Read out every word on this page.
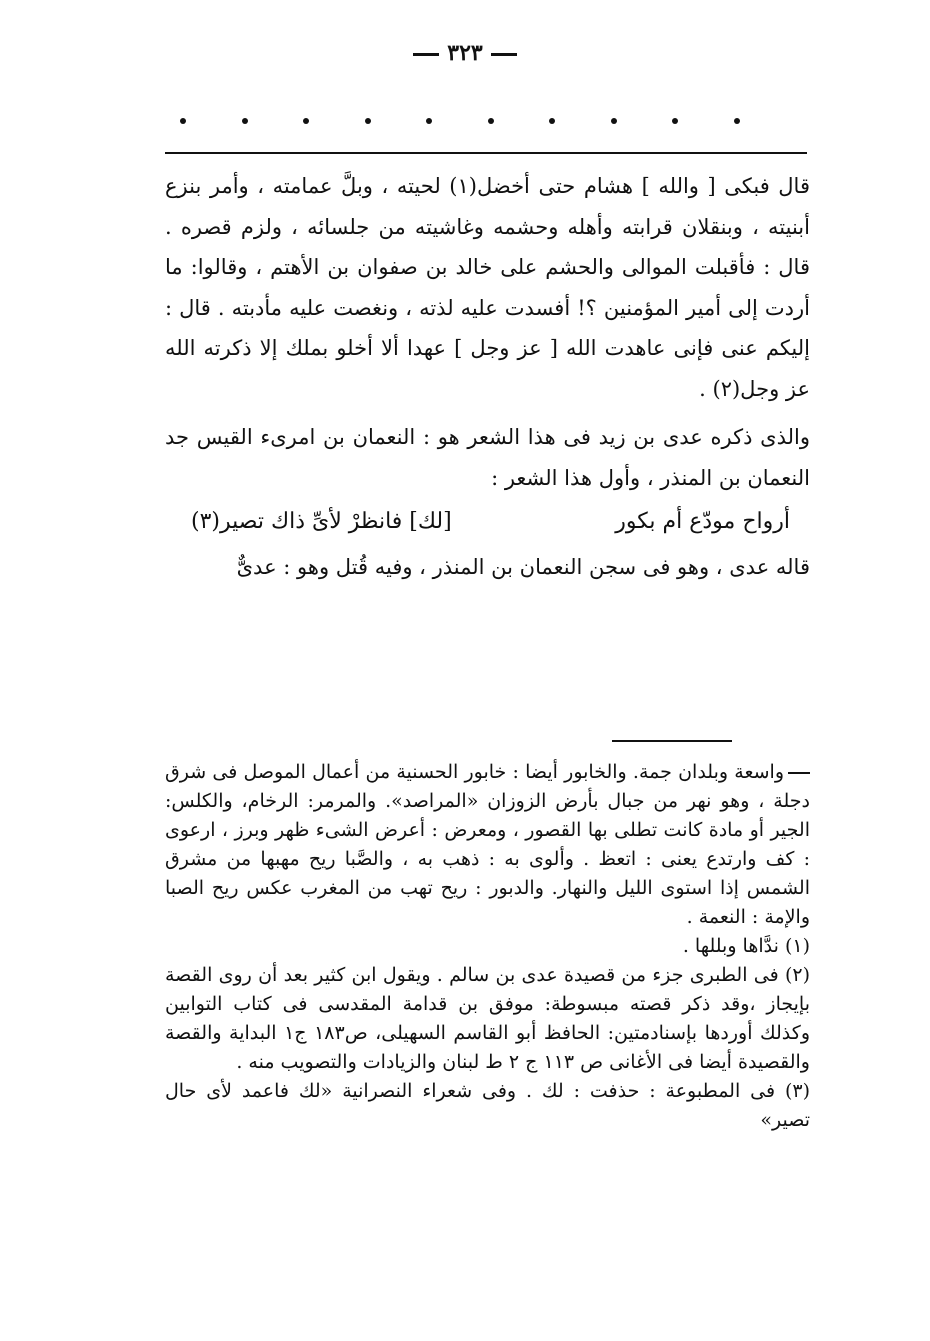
٣٢٣

قال فبكى [ والله ] هشام حتى أخضل(١) لحيته ، وبلَّ عمامته ، وأمر بنزع أبنيته ، وبنقلان قرابته وأهله وحشمه وغاشيته من جلسائه ، ولزم قصره . قال : فأقبلت الموالى والحشم على خالد بن صفوان بن الأهتم ، وقالوا: ما أردت إلى أمير المؤمنين ؟! أفسدت عليه لذته ، ونغصت عليه مأدبته . قال : إليكم عنى فإنى عاهدت الله [ عز وجل ] عهدا ألا أخلو بملك إلا ذكرته الله عز وجل(٢) .

والذى ذكره عدى بن زيد فى هذا الشعر هو : النعمان بن امرىء القيس جد النعمان بن المنذر ، وأول هذا الشعر :

أرواح مودّع أم بكور
[لك] فانظرْ لأىِّ ذاك تصير(٣)

قاله عدى ، وهو فى سجن النعمان بن المنذر ، وفيه قُتل وهو : عدىٌّ

واسعة وبلدان جمة. والخابور أيضا : خابور الحسنية من أعمال الموصل فى شرق دجلة ، وهو نهر من جبال بأرض الزوزان «المراصد». والمرمر: الرخام، والكلس: الجير أو مادة كانت تطلى بها القصور ، ومعرض : أعرض الشىء ظهر وبرز ، ارعوى : كف وارتدع يعنى : اتعظ . وألوى به : ذهب به ، والصَّبا ريح مهبها من مشرق الشمس إذا استوى الليل والنهار. والدبور : ريح تهب من المغرب عكس ريح الصبا والإمة : النعمة .

(١) ندَّاها وبللها .

(٢) فى الطبرى جزء من قصيدة عدى بن سالم . ويقول ابن كثير بعد أن روى القصة بإيجاز ،وقد ذكر قصته مبسوطة: موفق بن قدامة المقدسى فى كتاب التوابين وكذلك أوردها بإسنادمتين: الحافظ أبو القاسم السهيلى، ص١٨٣ ج١ البداية والقصة والقصيدة أيضا فى الأغانى ص ١١٣ ج ٢ ط لبنان والزيادات والتصويب منه .

(٣) فى المطبوعة : حذفت : لك . وفى شعراء النصرانية «لك فاعمد لأى حال تصير»
